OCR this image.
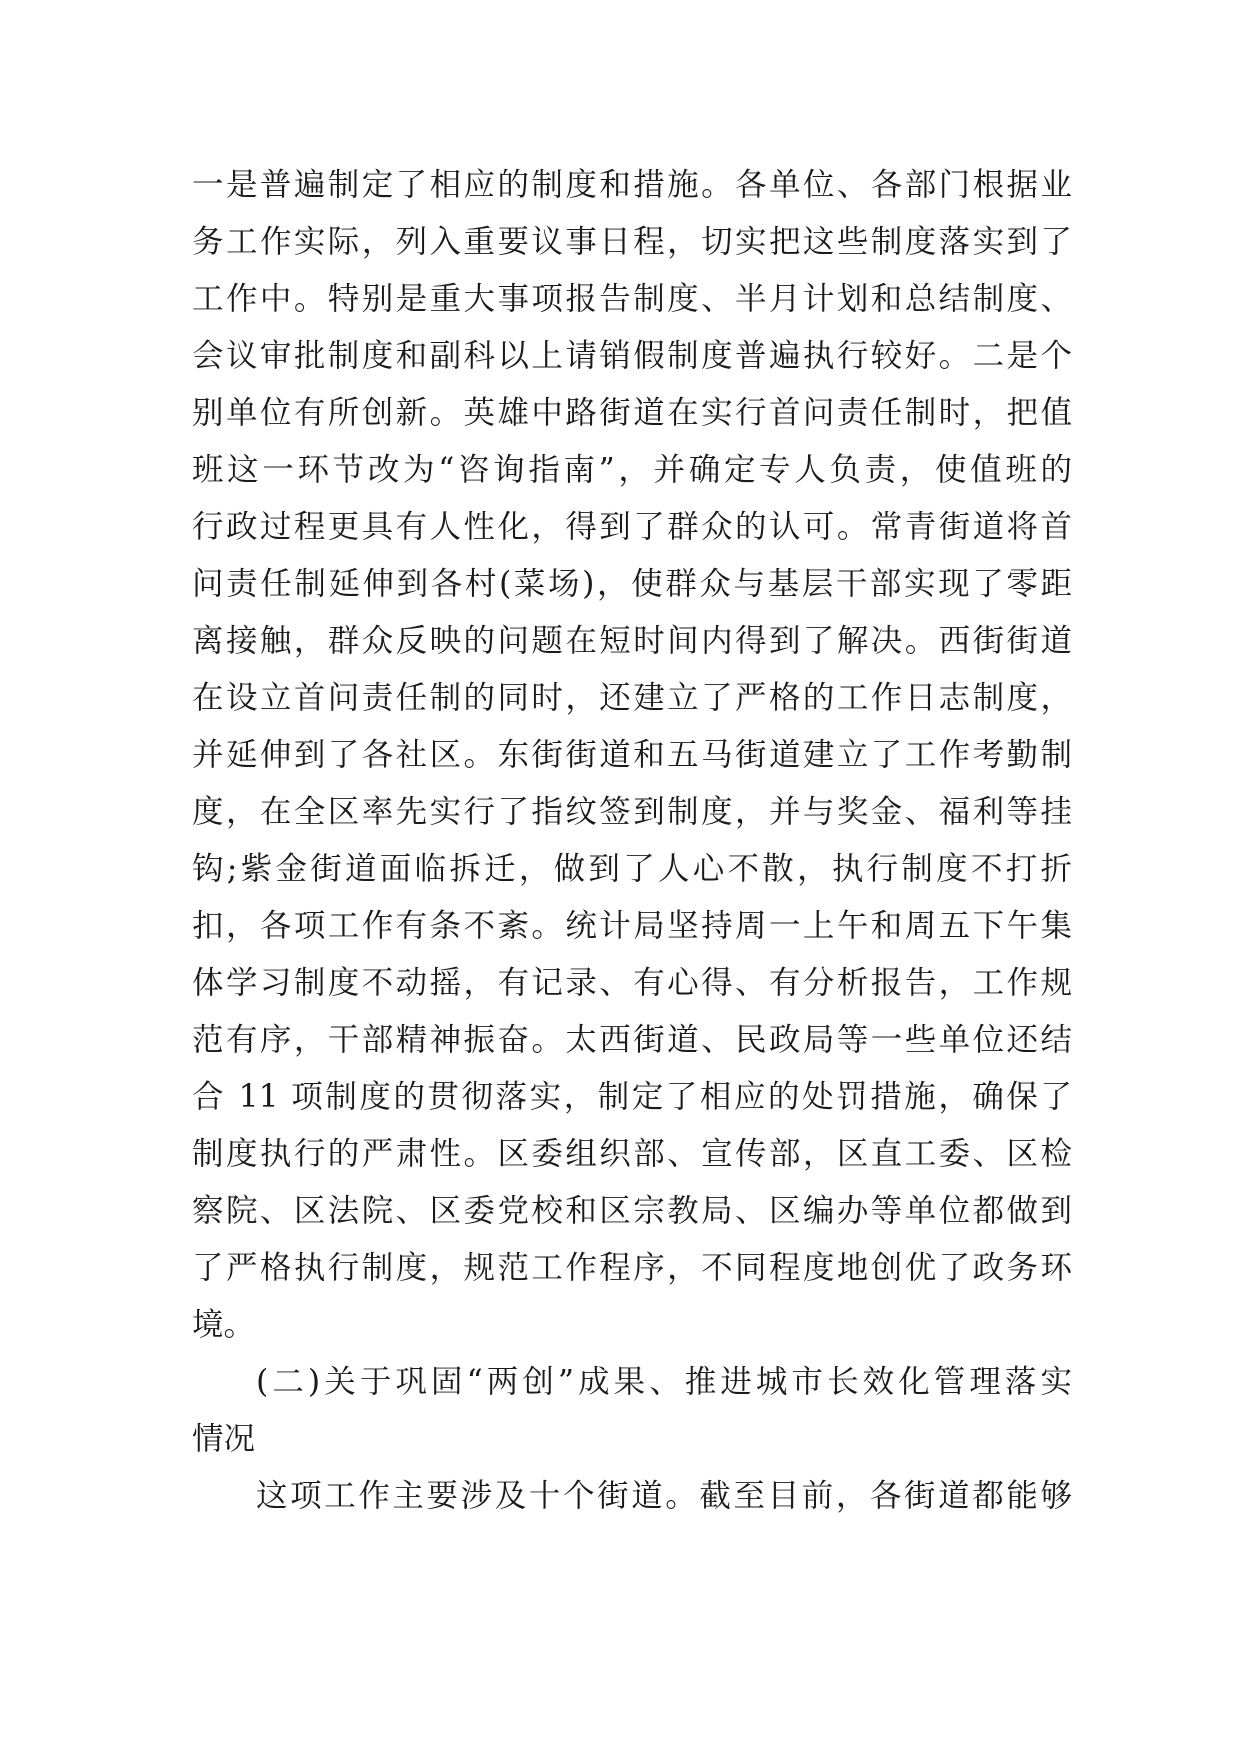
一是普遍制定了相应的制度和措施。各单位、各部门根据业
务工作实际，列入重要议事日程，切实把这些制度落实到了
工作中。特别是重大事项报告制度、半月计划和总结制度、
会议审批制度和副科以上请销假制度普遍执行较好。二是个
别单位有所创新。英雄中路街道在实行首问责任制时，把值
班这一环节改为“咨询指南”，并确定专人负责，使值班的
行政过程更具有人性化，得到了群众的认可。常青街道将首
问责任制延伸到各村(菜场)，使群众与基层干部实现了零距
离接触，群众反映的问题在短时间内得到了解决。西街街道
在设立首问责任制的同时，还建立了严格的工作日志制度，
并延伸到了各社区。东街街道和五马街道建立了工作考勤制
度，在全区率先实行了指纹签到制度，并与奖金、福利等挂
钩;紫金街道面临拆迁，做到了人心不散，执行制度不打折
扣，各项工作有条不紊。统计局坚持周一上午和周五下午集
体学习制度不动摇，有记录、有心得、有分析报告，工作规
范有序，干部精神振奋。太西街道、民政局等一些单位还结
合 11 项制度的贯彻落实，制定了相应的处罚措施，确保了
制度执行的严肃性。区委组织部、宣传部，区直工委、区检
察院、区法院、区委党校和区宗教局、区编办等单位都做到
了严格执行制度，规范工作程序，不同程度地创优了政务环
境。
(二)关于巩固“两创”成果、推进城市长效化管理落实
情况
这项工作主要涉及十个街道。截至目前，各街道都能够
